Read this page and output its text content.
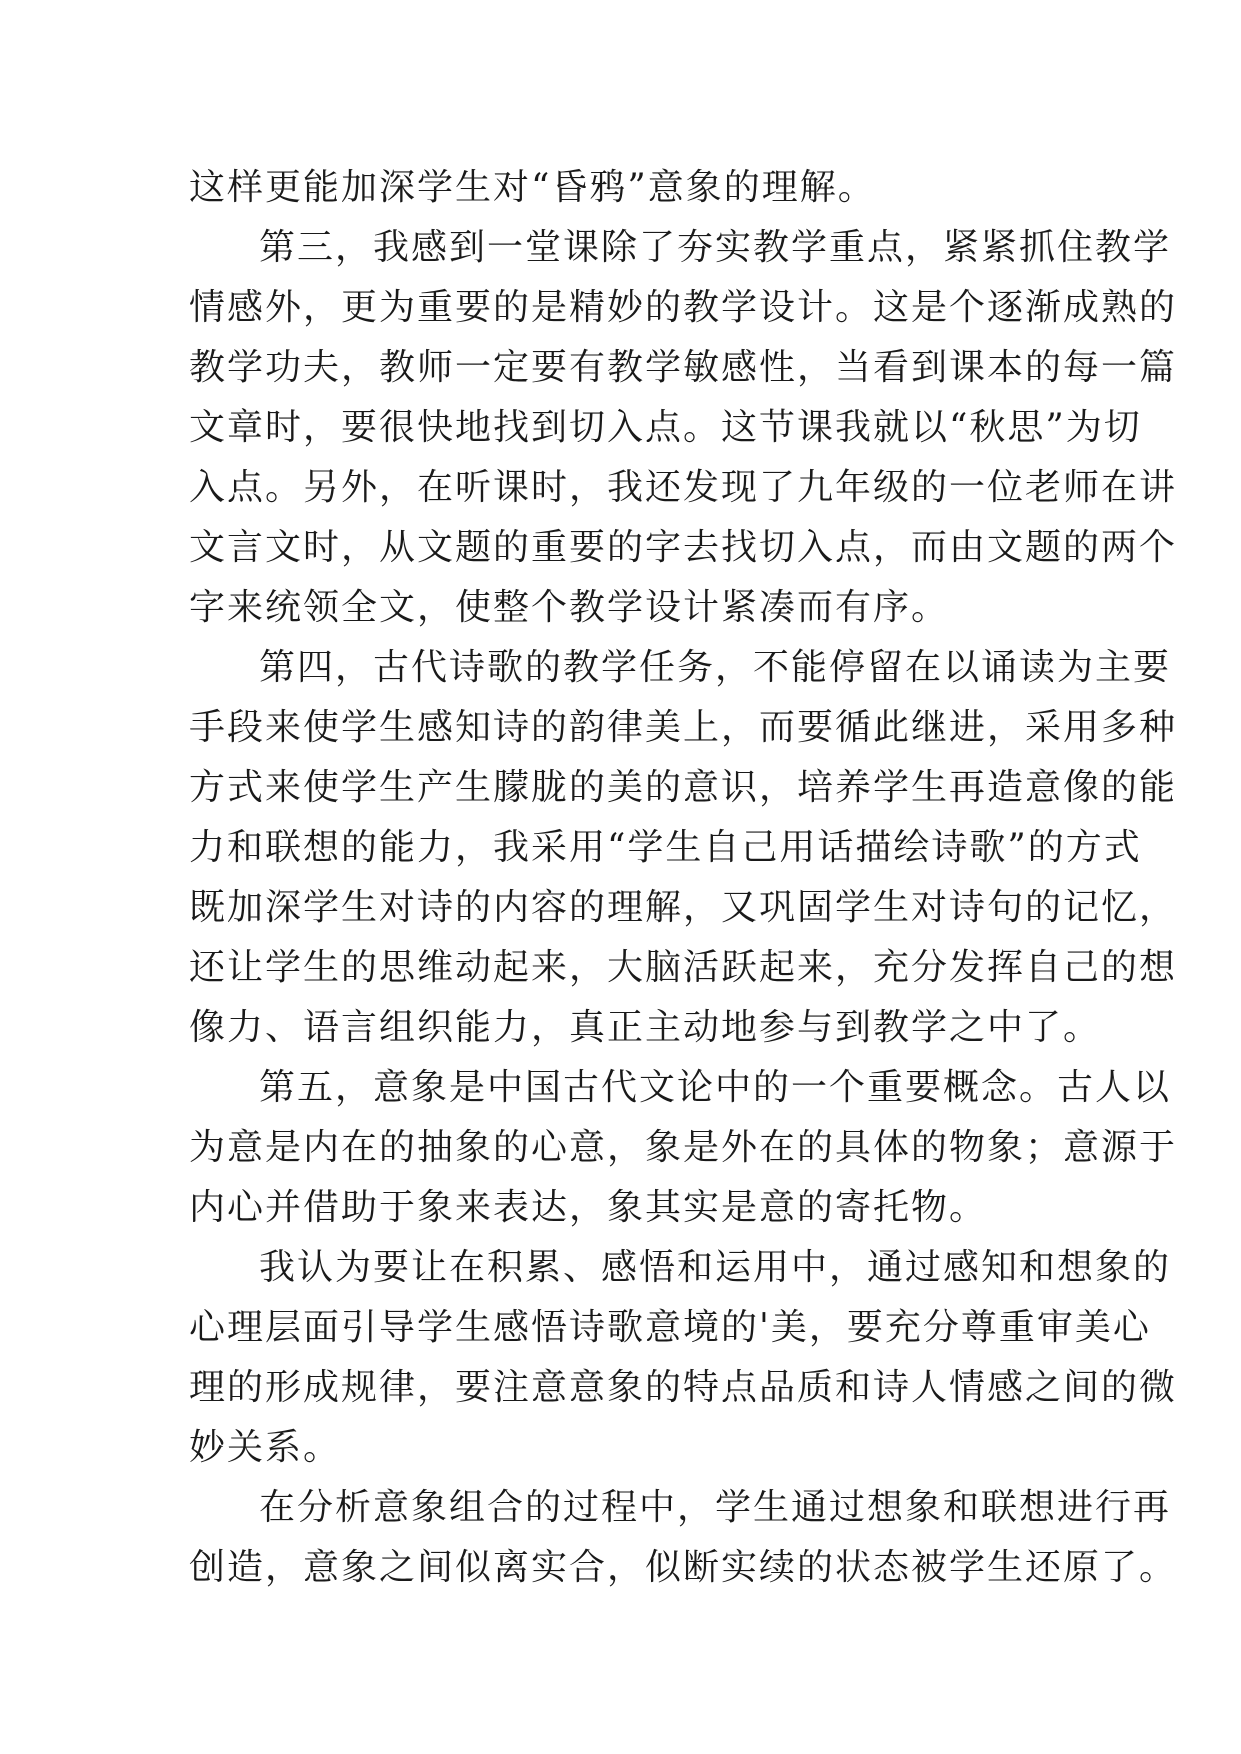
这样更能加深学生对“昏鸦”意象的理解。
第三，我感到一堂课除了夯实教学重点，紧紧抓住教学
情感外，更为重要的是精妙的教学设计。这是个逐渐成熟的
教学功夫，教师一定要有教学敏感性，当看到课本的每一篇
文章时，要很快地找到切入点。这节课我就以“秋思”为切
入点。另外，在听课时，我还发现了九年级的一位老师在讲
文言文时，从文题的重要的字去找切入点，而由文题的两个
字来统领全文，使整个教学设计紧凑而有序。
第四，古代诗歌的教学任务，不能停留在以诵读为主要
手段来使学生感知诗的韵律美上，而要循此继进，采用多种
方式来使学生产生朦胧的美的意识，培养学生再造意像的能
力和联想的能力，我采用“学生自己用话描绘诗歌”的方式
既加深学生对诗的内容的理解，又巩固学生对诗句的记忆，
还让学生的思维动起来，大脑活跃起来，充分发挥自己的想
像力、语言组织能力，真正主动地参与到教学之中了。
第五，意象是中国古代文论中的一个重要概念。古人以
为意是内在的抽象的心意，象是外在的具体的物象；意源于
内心并借助于象来表达，象其实是意的寄托物。
我认为要让在积累、感悟和运用中，通过感知和想象的
心理层面引导学生感悟诗歌意境的'美，要充分尊重审美心
理的形成规律，要注意意象的特点品质和诗人情感之间的微
妙关系。
在分析意象组合的过程中，学生通过想象和联想进行再
创造，意象之间似离实合，似断实续的状态被学生还原了。
